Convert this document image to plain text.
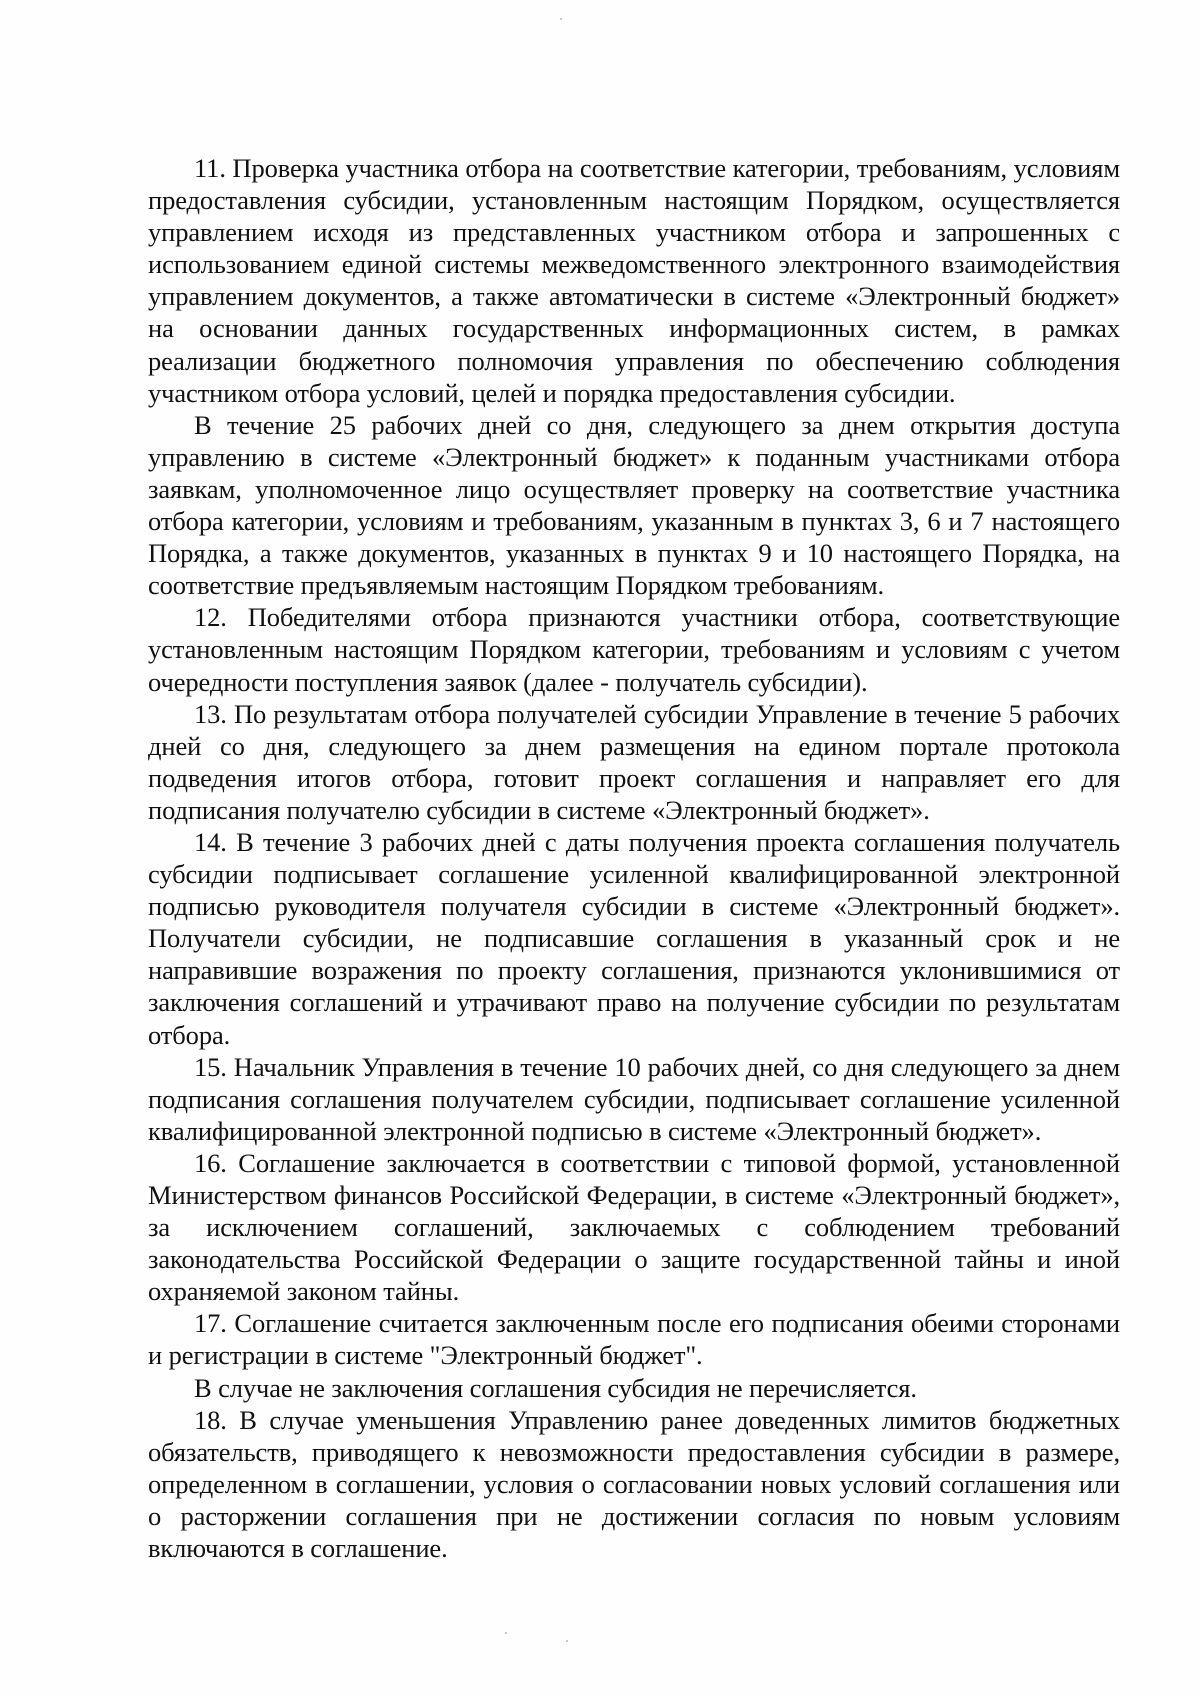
11. Проверка участника отбора на соответствие категории, требованиям, условиям предоставления субсидии, установленным настоящим Порядком, осуществляется управлением исходя из представленных участником отбора и запрошенных с использованием единой системы межведомственного электронного взаимодействия управлением документов, а также автоматически в системе «Электронный бюджет» на основании данных государственных информационных систем, в рамках реализации бюджетного полномочия управления по обеспечению соблюдения участником отбора условий, целей и порядка предоставления субсидии.

В течение 25 рабочих дней со дня, следующего за днем открытия доступа управлению в системе «Электронный бюджет» к поданным участниками отбора заявкам, уполномоченное лицо осуществляет проверку на соответствие участника отбора категории, условиям и требованиям, указанным в пунктах 3, 6 и 7 настоящего Порядка, а также документов, указанных в пунктах 9 и 10 настоящего Порядка, на соответствие предъявляемым настоящим Порядком требованиям.

12. Победителями отбора признаются участники отбора, соответствующие установленным настоящим Порядком категории, требованиям и условиям с учетом очередности поступления заявок (далее - получатель субсидии).

13. По результатам отбора получателей субсидии Управление в течение 5 рабочих дней со дня, следующего за днем размещения на едином портале протокола подведения итогов отбора, готовит проект соглашения и направляет его для подписания получателю субсидии в системе «Электронный бюджет».

14. В течение 3 рабочих дней с даты получения проекта соглашения получатель субсидии подписывает соглашение усиленной квалифицированной электронной подписью руководителя получателя субсидии в системе «Электронный бюджет». Получатели субсидии, не подписавшие соглашения в указанный срок и не направившие возражения по проекту соглашения, признаются уклонившимися от заключения соглашений и утрачивают право на получение субсидии по результатам отбора.

15. Начальник Управления в течение 10 рабочих дней, со дня следующего за днем подписания соглашения получателем субсидии, подписывает соглашение усиленной квалифицированной электронной подписью в системе «Электронный бюджет».

16. Соглашение заключается в соответствии с типовой формой, установленной Министерством финансов Российской Федерации, в системе «Электронный бюджет», за исключением соглашений, заключаемых с соблюдением требований законодательства Российской Федерации о защите государственной тайны и иной охраняемой законом тайны.

17. Соглашение считается заключенным после его подписания обеими сторонами и регистрации в системе "Электронный бюджет".

В случае не заключения соглашения субсидия не перечисляется.

18. В случае уменьшения Управлению ранее доведенных лимитов бюджетных обязательств, приводящего к невозможности предоставления субсидии в размере, определенном в соглашении, условия о согласовании новых условий соглашения или о расторжении соглашения при не достижении согласия по новым условиям включаются в соглашение.
